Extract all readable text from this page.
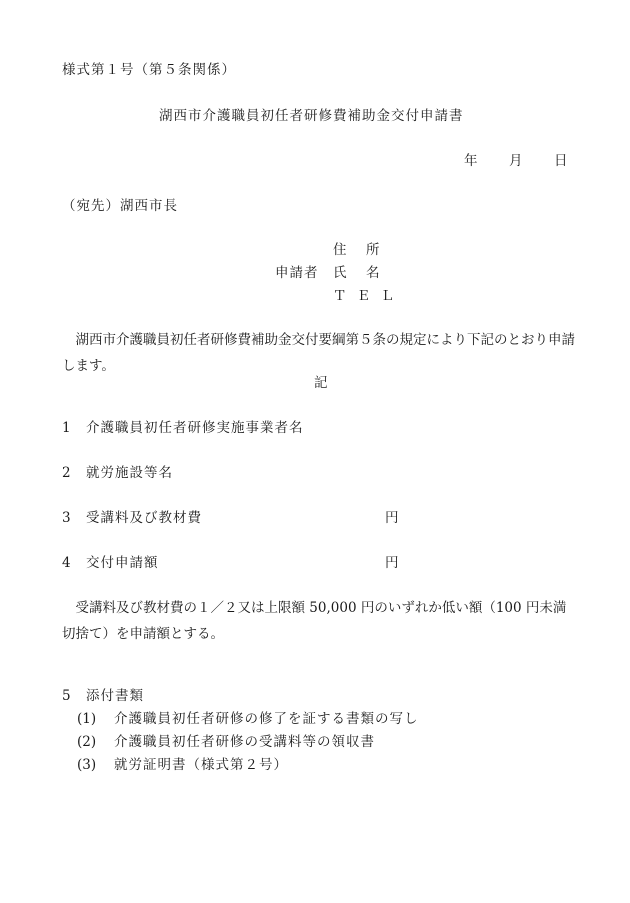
様式第１号（第５条関係）
湖西市介護職員初任者研修費補助金交付申請書
年 月 日
（宛先）湖西市長
住　所
申請者 氏　名
Ｔ Ｅ Ｌ
　湖西市介護職員初任者研修費補助金交付要綱第５条の規定により下記のとおり申請します。
記
1 介護職員初任者研修実施事業者名
2 就労施設等名
3 受講料及び教材費	円
4 交付申請額	円
　受講料及び教材費の１／２又は上限額 50,000 円のいずれか低い額（100 円未満切捨て）を申請額とする。
5 添付書類
(1) 介護職員初任者研修の修了を証する書類の写し
(2) 介護職員初任者研修の受講料等の領収書
(3) 就労証明書（様式第２号）
